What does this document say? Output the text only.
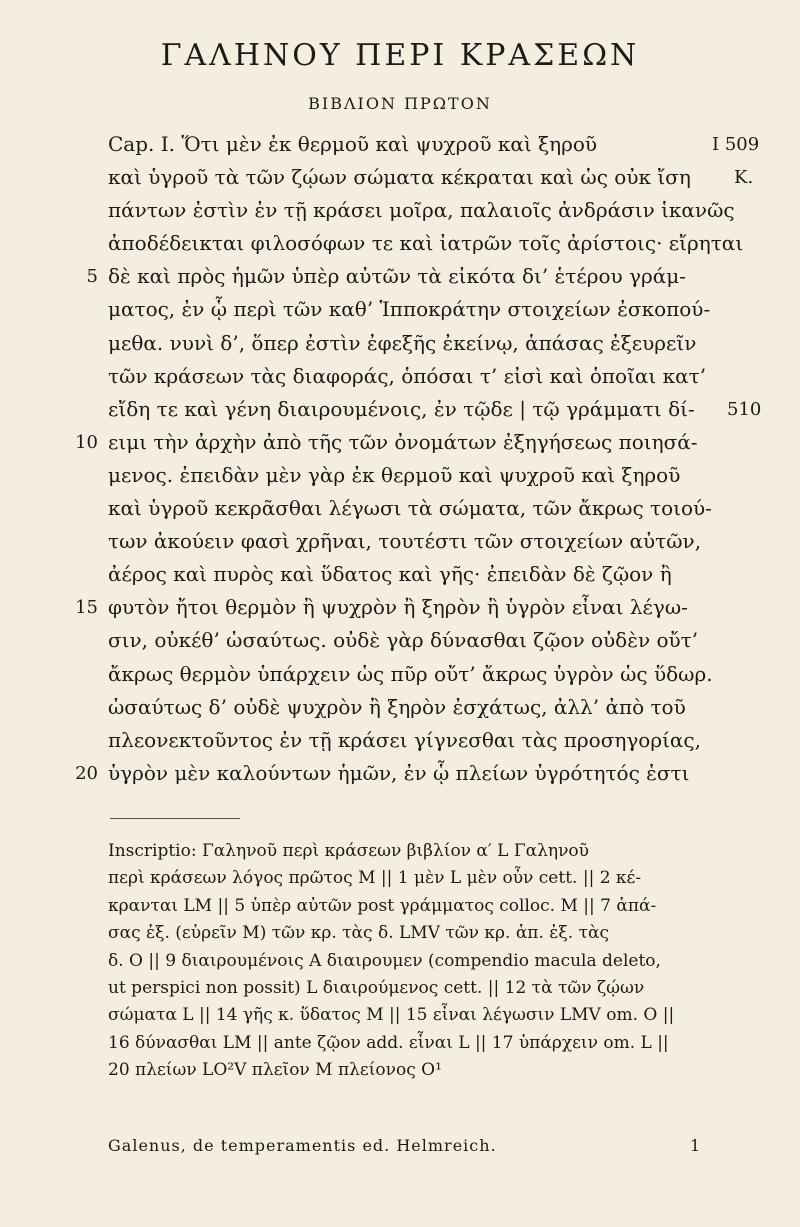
ΓΑΛΗΝΟΥ ΠΕΡΙ ΚΡΑΣΕΩΝ
ΒΙΒΛΙΟΝ ΠΡΩΤΟΝ
I 509
K.
510
5
10
15
20
Cap. I. Ὅτι μὲν ἐκ θερμοῦ καὶ ψυχροῦ καὶ ξηροῦ
καὶ ὑγροῦ τὰ τῶν ζῴων σώματα κέκραται καὶ ὡς οὐκ ἴση
πάντων ἐστὶν ἐν τῇ κράσει μοῖρα, παλαιοῖς ἀνδράσιν ἱκανῶς
ἀποδέδεικται φιλοσόφων τε καὶ ἰατρῶν τοῖς ἀρίστοις· εἴρηται
δὲ καὶ πρὸς ἡμῶν ὑπὲρ αὐτῶν τὰ εἰκότα δι’ ἑτέρου γράμ-
ματος, ἐν ᾧ περὶ τῶν καθ’ Ἱπποκράτην στοιχείων ἐσκοπού-
μεθα. νυνὶ δ’, ὅπερ ἐστὶν ἐφεξῆς ἐκείνῳ, ἁπάσας ἐξευρεῖν
τῶν κράσεων τὰς διαφοράς, ὁπόσαι τ’ εἰσὶ καὶ ὁποῖαι κατ’
εἴδη τε καὶ γένη διαιρουμένοις, ἐν τῷδε | τῷ γράμματι δί-
ειμι τὴν ἀρχὴν ἀπὸ τῆς τῶν ὀνομάτων ἐξηγήσεως ποιησά-
μενος. ἐπειδὰν μὲν γὰρ ἐκ θερμοῦ καὶ ψυχροῦ καὶ ξηροῦ
καὶ ὑγροῦ κεκρᾶσθαι λέγωσι τὰ σώματα, τῶν ἄκρως τοιού-
των ἀκούειν φασὶ χρῆναι, τουτέστι τῶν στοιχείων αὐτῶν,
ἀέρος καὶ πυρὸς καὶ ὕδατος καὶ γῆς· ἐπειδὰν δὲ ζῷον ἢ
φυτὸν ἤτοι θερμὸν ἢ ψυχρὸν ἢ ξηρὸν ἢ ὑγρὸν εἶναι λέγω-
σιν, οὐκέθ’ ὡσαύτως. οὐδὲ γὰρ δύνασθαι ζῷον οὐδὲν οὔτ’
ἄκρως θερμὸν ὑπάρχειν ὡς πῦρ οὔτ’ ἄκρως ὑγρὸν ὡς ὕδωρ.
ὡσαύτως δ’ οὐδὲ ψυχρὸν ἢ ξηρὸν ἐσχάτως, ἀλλ’ ἀπὸ τοῦ
πλεονεκτοῦντος ἐν τῇ κράσει γίγνεσθαι τὰς προσηγορίας,
ὑγρὸν μὲν καλούντων ἡμῶν, ἐν ᾧ πλείων ὑγρότητός ἐστι
Inscriptio: Γαληνοῦ περὶ κράσεων βιβλίον α′ L Γαληνοῦ
περὶ κράσεων λόγος πρῶτος M || 1 μὲν L μὲν οὖν cett. || 2 κέ-
κρανται LM || 5 ὑπὲρ αὐτῶν post γράμματος colloc. M || 7 ἁπά-
σας ἐξ. (εὑρεῖν M) τῶν κρ. τὰς δ. LMV τῶν κρ. ἁπ. ἐξ. τὰς
δ. O || 9 διαιρουμένοις A διαιρουμεν (compendio macula deleto,
ut perspici non possit) L διαιρούμενος cett. || 12 τὰ τῶν ζῴων
σώματα L || 14 γῆς κ. ὕδατος M || 15 εἶναι λέγωσιν LMV om. O ||
16 δύνασθαι LM || ante ζῷον add. εἶναι L || 17 ὑπάρχειν om. L ||
20 πλείων LO²V πλεῖον M πλείονος O¹
Galenus, de temperamentis ed. Helmreich.	1
